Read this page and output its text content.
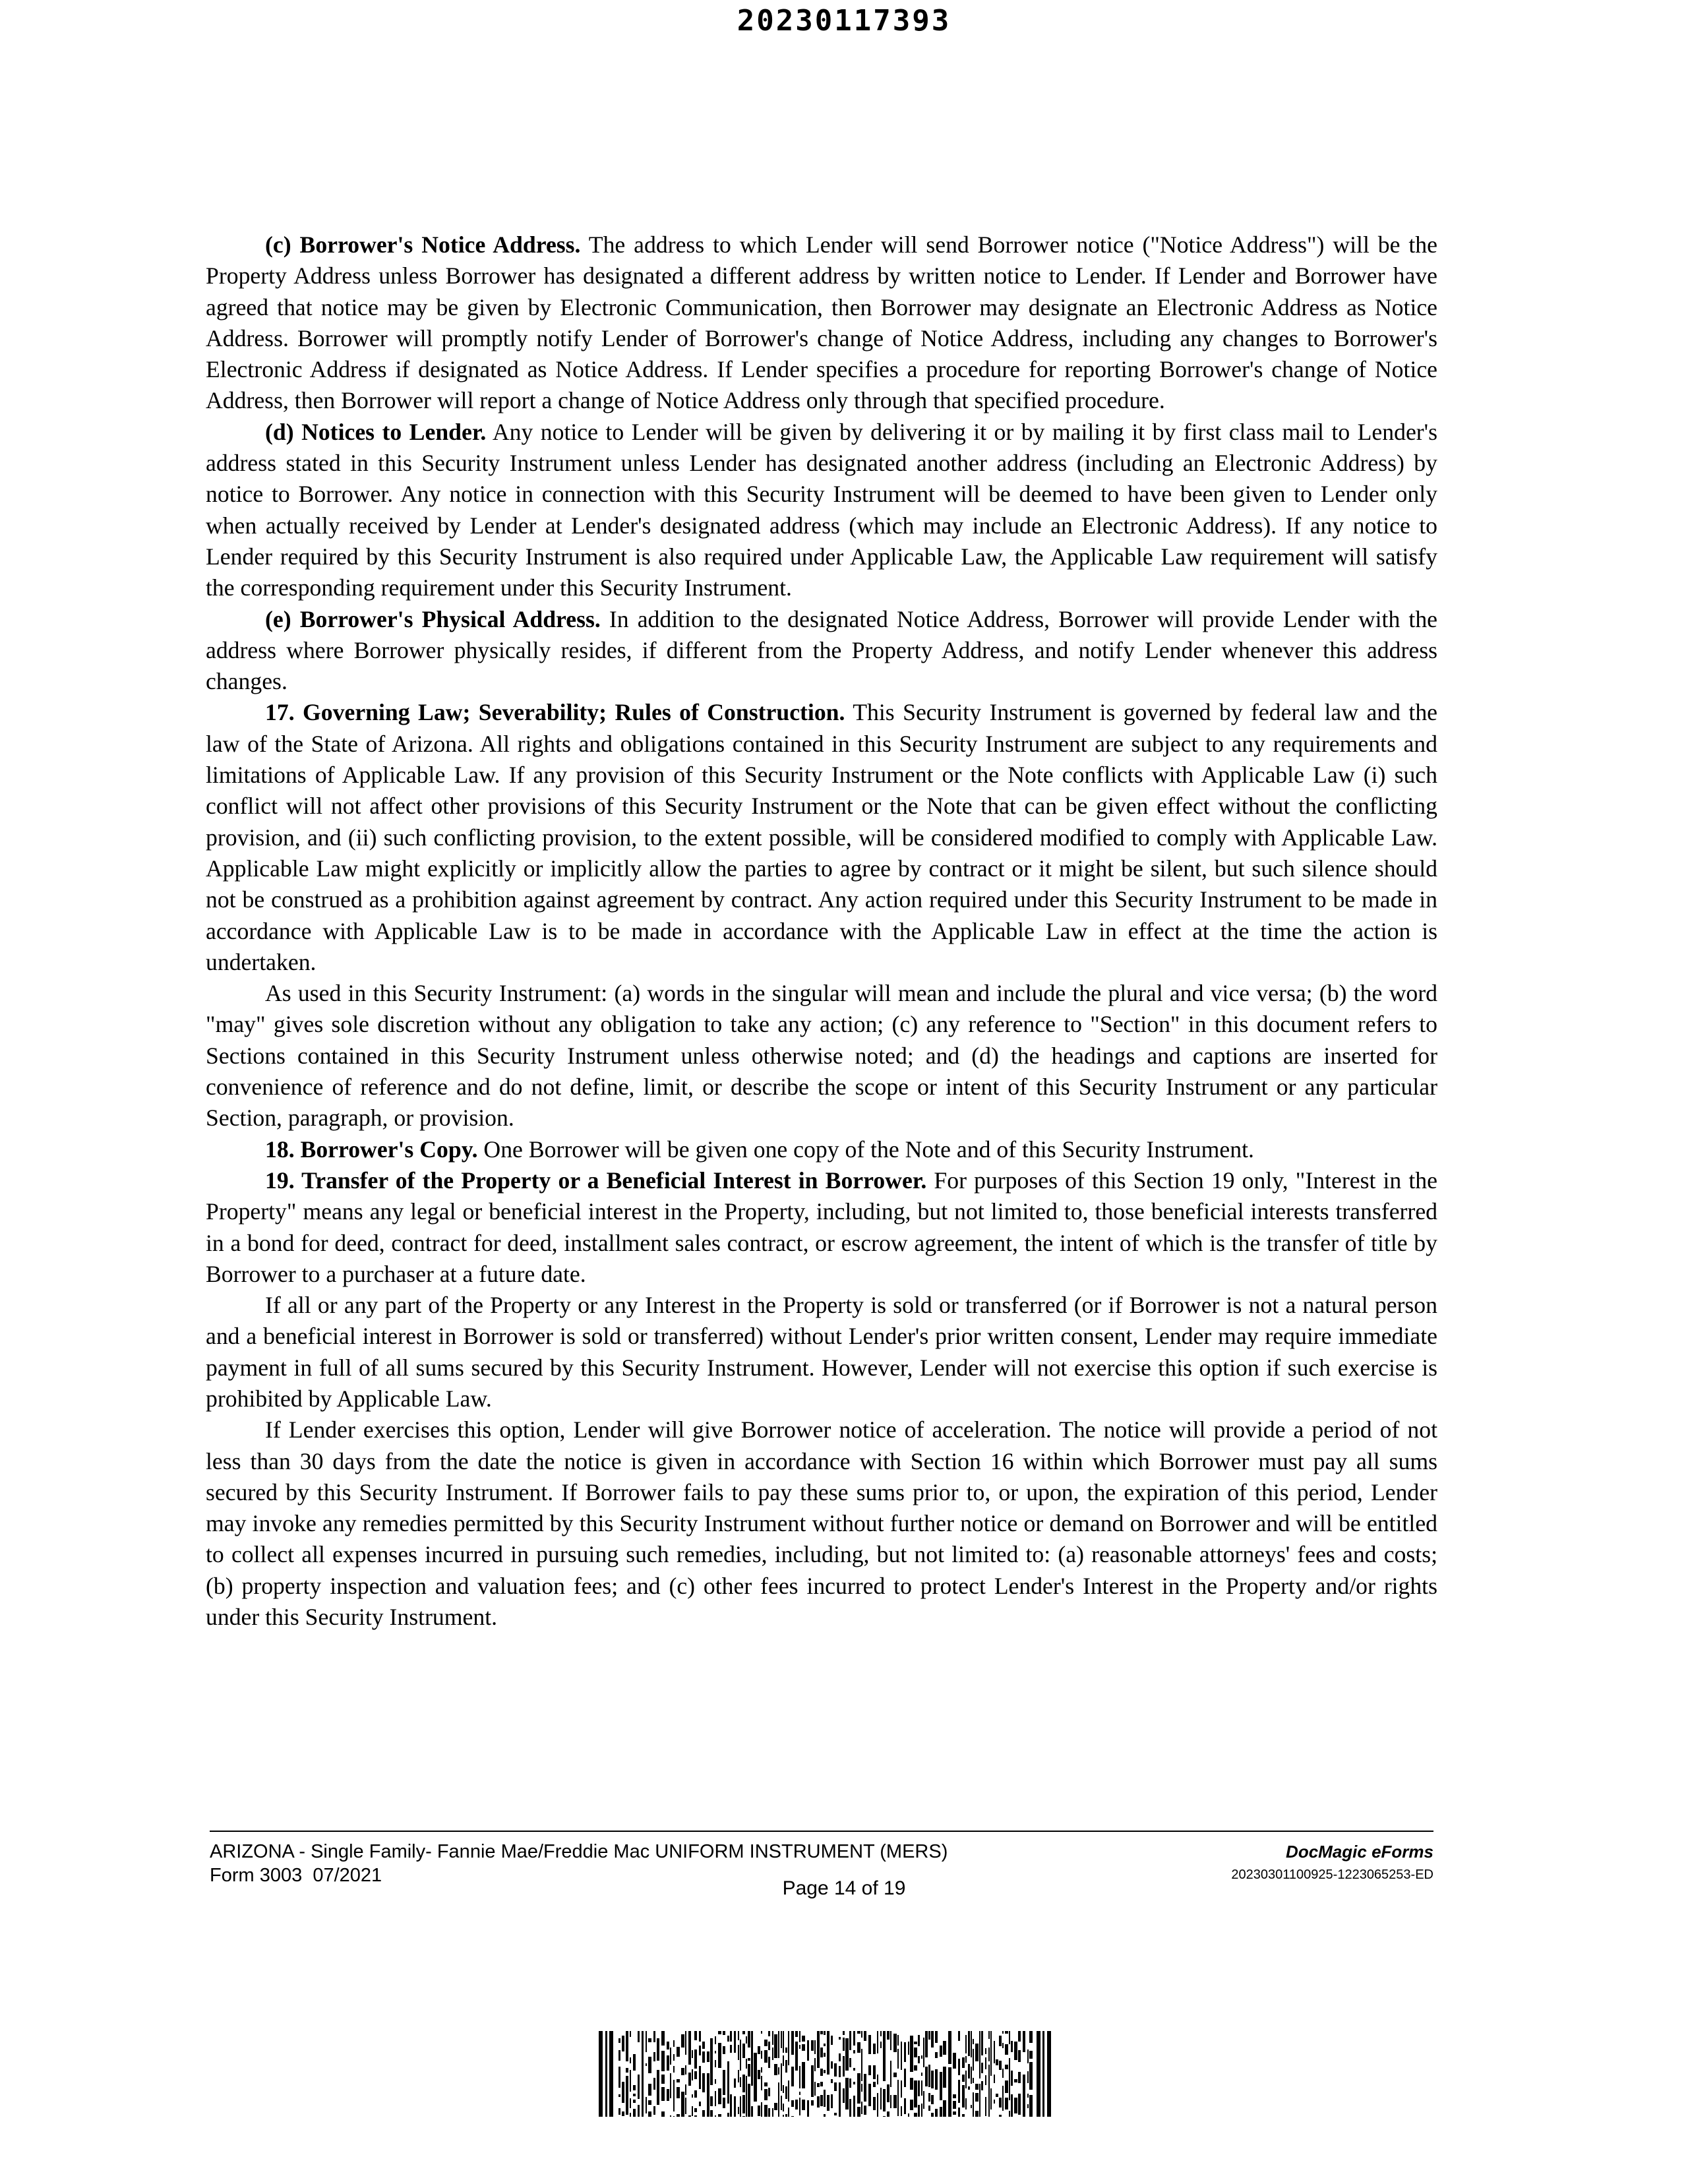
20230117393

(c) Borrower's Notice Address. The address to which Lender will send Borrower notice ("Notice Address") will be the Property Address unless Borrower has designated a different address by written notice to Lender. If Lender and Borrower have agreed that notice may be given by Electronic Communication, then Borrower may designate an Electronic Address as Notice Address. Borrower will promptly notify Lender of Borrower's change of Notice Address, including any changes to Borrower's Electronic Address if designated as Notice Address. If Lender specifies a procedure for reporting Borrower's change of Notice Address, then Borrower will report a change of Notice Address only through that specified procedure.

(d) Notices to Lender. Any notice to Lender will be given by delivering it or by mailing it by first class mail to Lender's address stated in this Security Instrument unless Lender has designated another address (including an Electronic Address) by notice to Borrower. Any notice in connection with this Security Instrument will be deemed to have been given to Lender only when actually received by Lender at Lender's designated address (which may include an Electronic Address). If any notice to Lender required by this Security Instrument is also required under Applicable Law, the Applicable Law requirement will satisfy the corresponding requirement under this Security Instrument.

(e) Borrower's Physical Address. In addition to the designated Notice Address, Borrower will provide Lender with the address where Borrower physically resides, if different from the Property Address, and notify Lender whenever this address changes.

17. Governing Law; Severability; Rules of Construction. This Security Instrument is governed by federal law and the law of the State of Arizona. All rights and obligations contained in this Security Instrument are subject to any requirements and limitations of Applicable Law. If any provision of this Security Instrument or the Note conflicts with Applicable Law (i) such conflict will not affect other provisions of this Security Instrument or the Note that can be given effect without the conflicting provision, and (ii) such conflicting provision, to the extent possible, will be considered modified to comply with Applicable Law. Applicable Law might explicitly or implicitly allow the parties to agree by contract or it might be silent, but such silence should not be construed as a prohibition against agreement by contract. Any action required under this Security Instrument to be made in accordance with Applicable Law is to be made in accordance with the Applicable Law in effect at the time the action is undertaken.

As used in this Security Instrument: (a) words in the singular will mean and include the plural and vice versa; (b) the word "may" gives sole discretion without any obligation to take any action; (c) any reference to "Section" in this document refers to Sections contained in this Security Instrument unless otherwise noted; and (d) the headings and captions are inserted for convenience of reference and do not define, limit, or describe the scope or intent of this Security Instrument or any particular Section, paragraph, or provision.

18. Borrower's Copy. One Borrower will be given one copy of the Note and of this Security Instrument.

19. Transfer of the Property or a Beneficial Interest in Borrower. For purposes of this Section 19 only, "Interest in the Property" means any legal or beneficial interest in the Property, including, but not limited to, those beneficial interests transferred in a bond for deed, contract for deed, installment sales contract, or escrow agreement, the intent of which is the transfer of title by Borrower to a purchaser at a future date.

If all or any part of the Property or any Interest in the Property is sold or transferred (or if Borrower is not a natural person and a beneficial interest in Borrower is sold or transferred) without Lender's prior written consent, Lender may require immediate payment in full of all sums secured by this Security Instrument. However, Lender will not exercise this option if such exercise is prohibited by Applicable Law.

If Lender exercises this option, Lender will give Borrower notice of acceleration. The notice will provide a period of not less than 30 days from the date the notice is given in accordance with Section 16 within which Borrower must pay all sums secured by this Security Instrument. If Borrower fails to pay these sums prior to, or upon, the expiration of this period, Lender may invoke any remedies permitted by this Security Instrument without further notice or demand on Borrower and will be entitled to collect all expenses incurred in pursuing such remedies, including, but not limited to: (a) reasonable attorneys' fees and costs; (b) property inspection and valuation fees; and (c) other fees incurred to protect Lender's Interest in the Property and/or rights under this Security Instrument.

ARIZONA - Single Family- Fannie Mae/Freddie Mac UNIFORM INSTRUMENT (MERS)
Form 3003  07/2021
DocMagic eForms
20230301100925-1223065253-ED
Page 14 of 19
